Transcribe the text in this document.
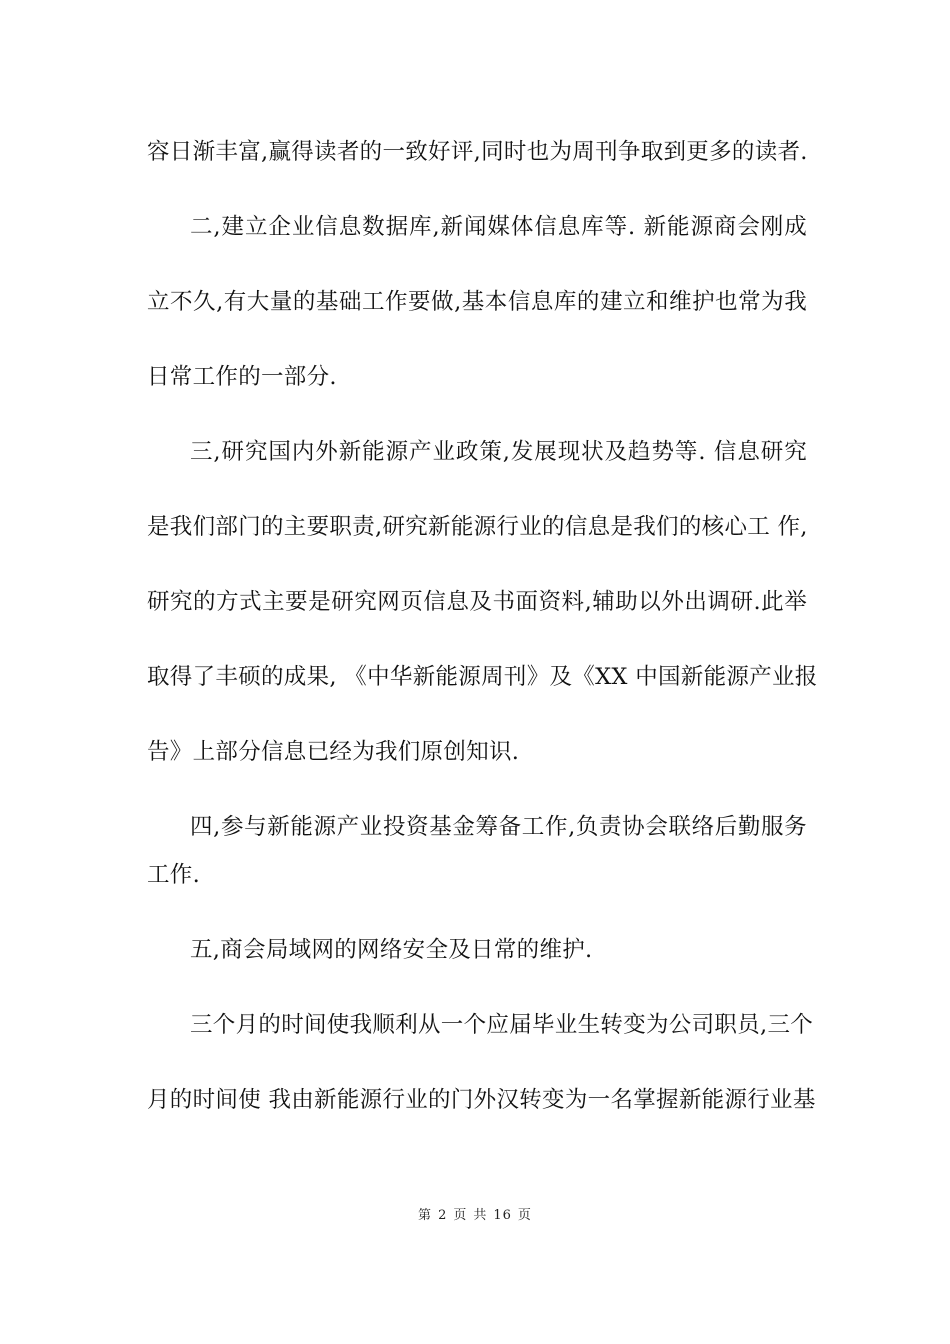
容日渐丰富,赢得读者的一致好评,同时也为周刊争取到更多的读者.
二,建立企业信息数据库,新闻媒体信息库等. 新能源商会刚成
立不久,有大量的基础工作要做,基本信息库的建立和维护也常为我
日常工作的一部分.
三,研究国内外新能源产业政策,发展现状及趋势等. 信息研究
是我们部门的主要职责,研究新能源行业的信息是我们的核心工 作,
研究的方式主要是研究网页信息及书面资料,辅助以外出调研.此举
取得了丰硕的成果, 《中华新能源周刊》及《XX 中国新能源产业报
告》上部分信息已经为我们原创知识.
四,参与新能源产业投资基金筹备工作,负责协会联络后勤服务
工作.
五,商会局域网的网络安全及日常的维护.
三个月的时间使我顺利从一个应届毕业生转变为公司职员,三个
月的时间使 我由新能源行业的门外汉转变为一名掌握新能源行业基
第 2 页 共 16 页
